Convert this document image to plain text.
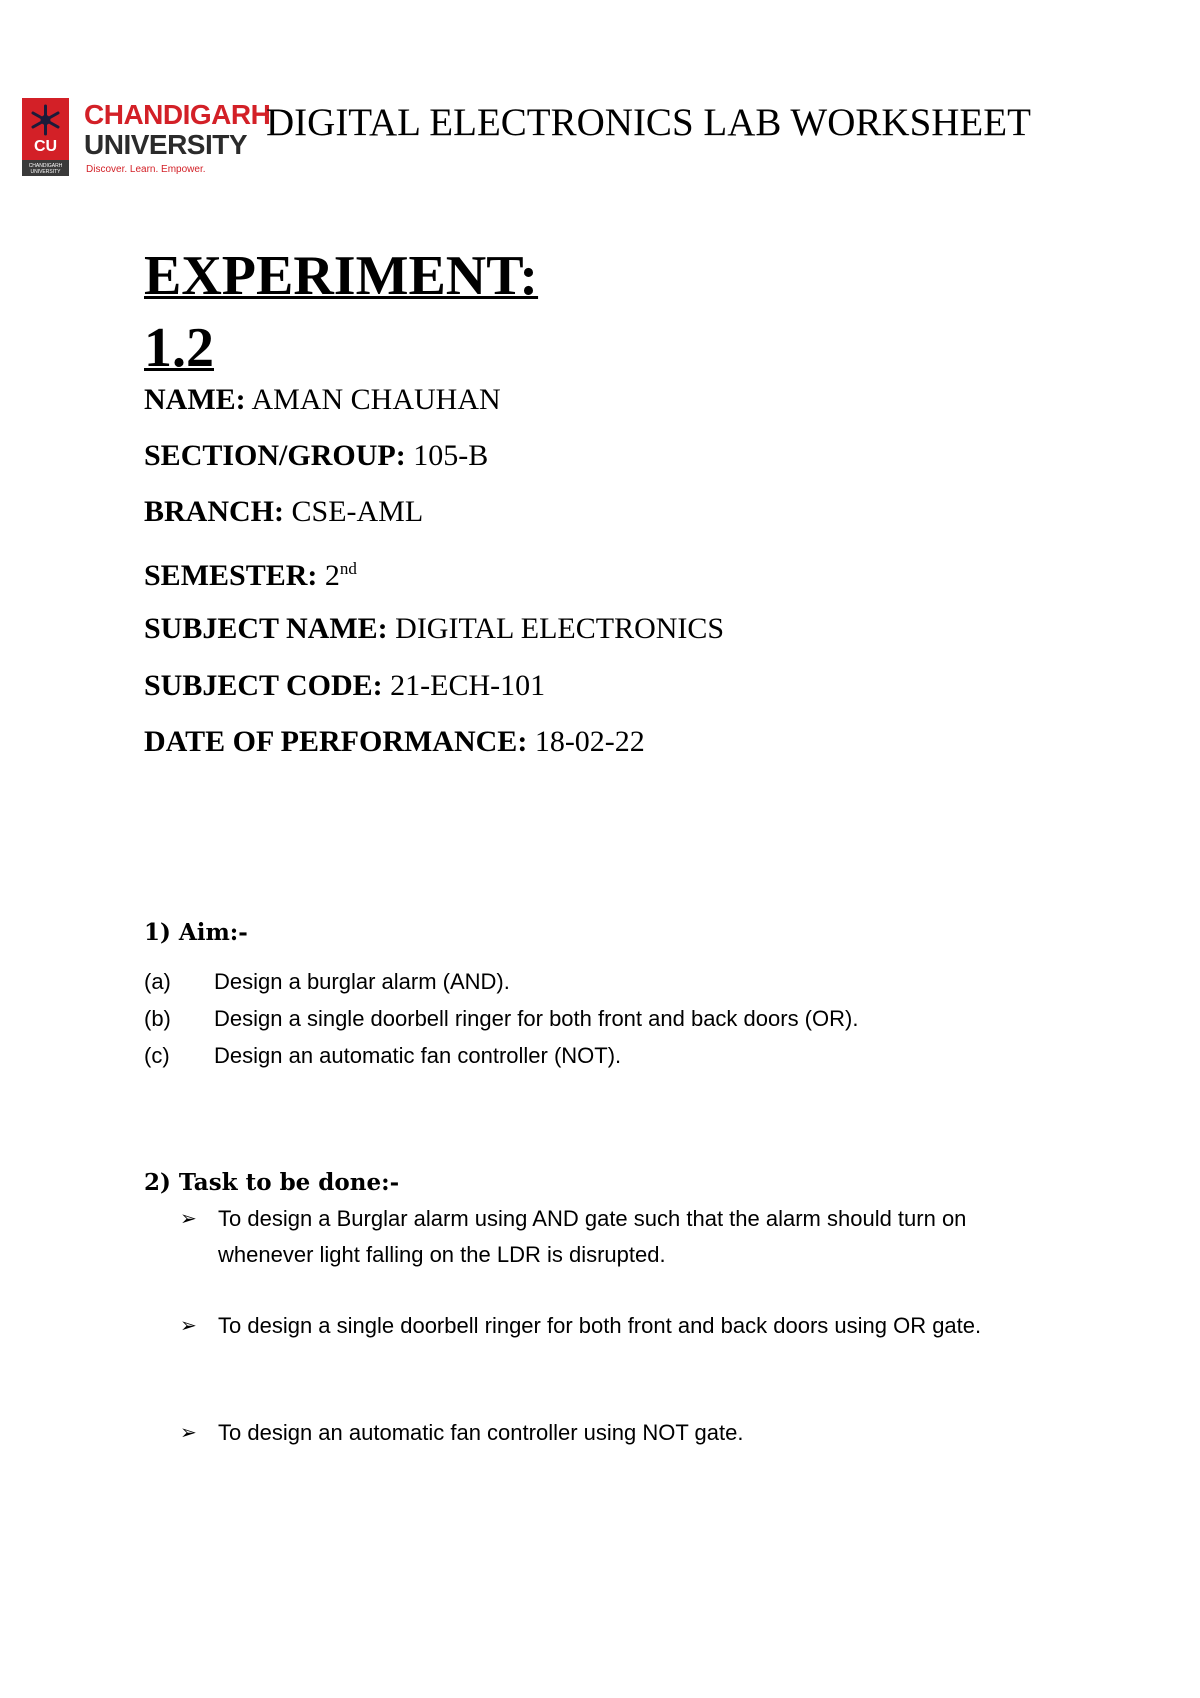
CU
CHANDIGARH UNIVERSITY
CHANDIGARH
UNIVERSITY
Discover. Learn. Empower.
DIGITAL ELECTRONICS LAB WORKSHEET
EXPERIMENT:
1.2
NAME: AMAN CHAUHAN
SECTION/GROUP: 105-B
BRANCH: CSE-AML
SEMESTER: 2nd
SUBJECT NAME: DIGITAL ELECTRONICS
SUBJECT CODE: 21-ECH-101
DATE OF PERFORMANCE: 18-02-22
1) Aim:-
(a) Design a burglar alarm (AND).
(b) Design a single doorbell ringer for both front and back doors (OR).
(c) Design an automatic fan controller (NOT).
2) Task to be done:-
➢ To design a Burglar alarm using AND gate such that the alarm should turn on whenever light falling on the LDR is disrupted.
➢ To design a single doorbell ringer for both front and back doors using OR gate.
➢ To design an automatic fan controller using NOT gate.
